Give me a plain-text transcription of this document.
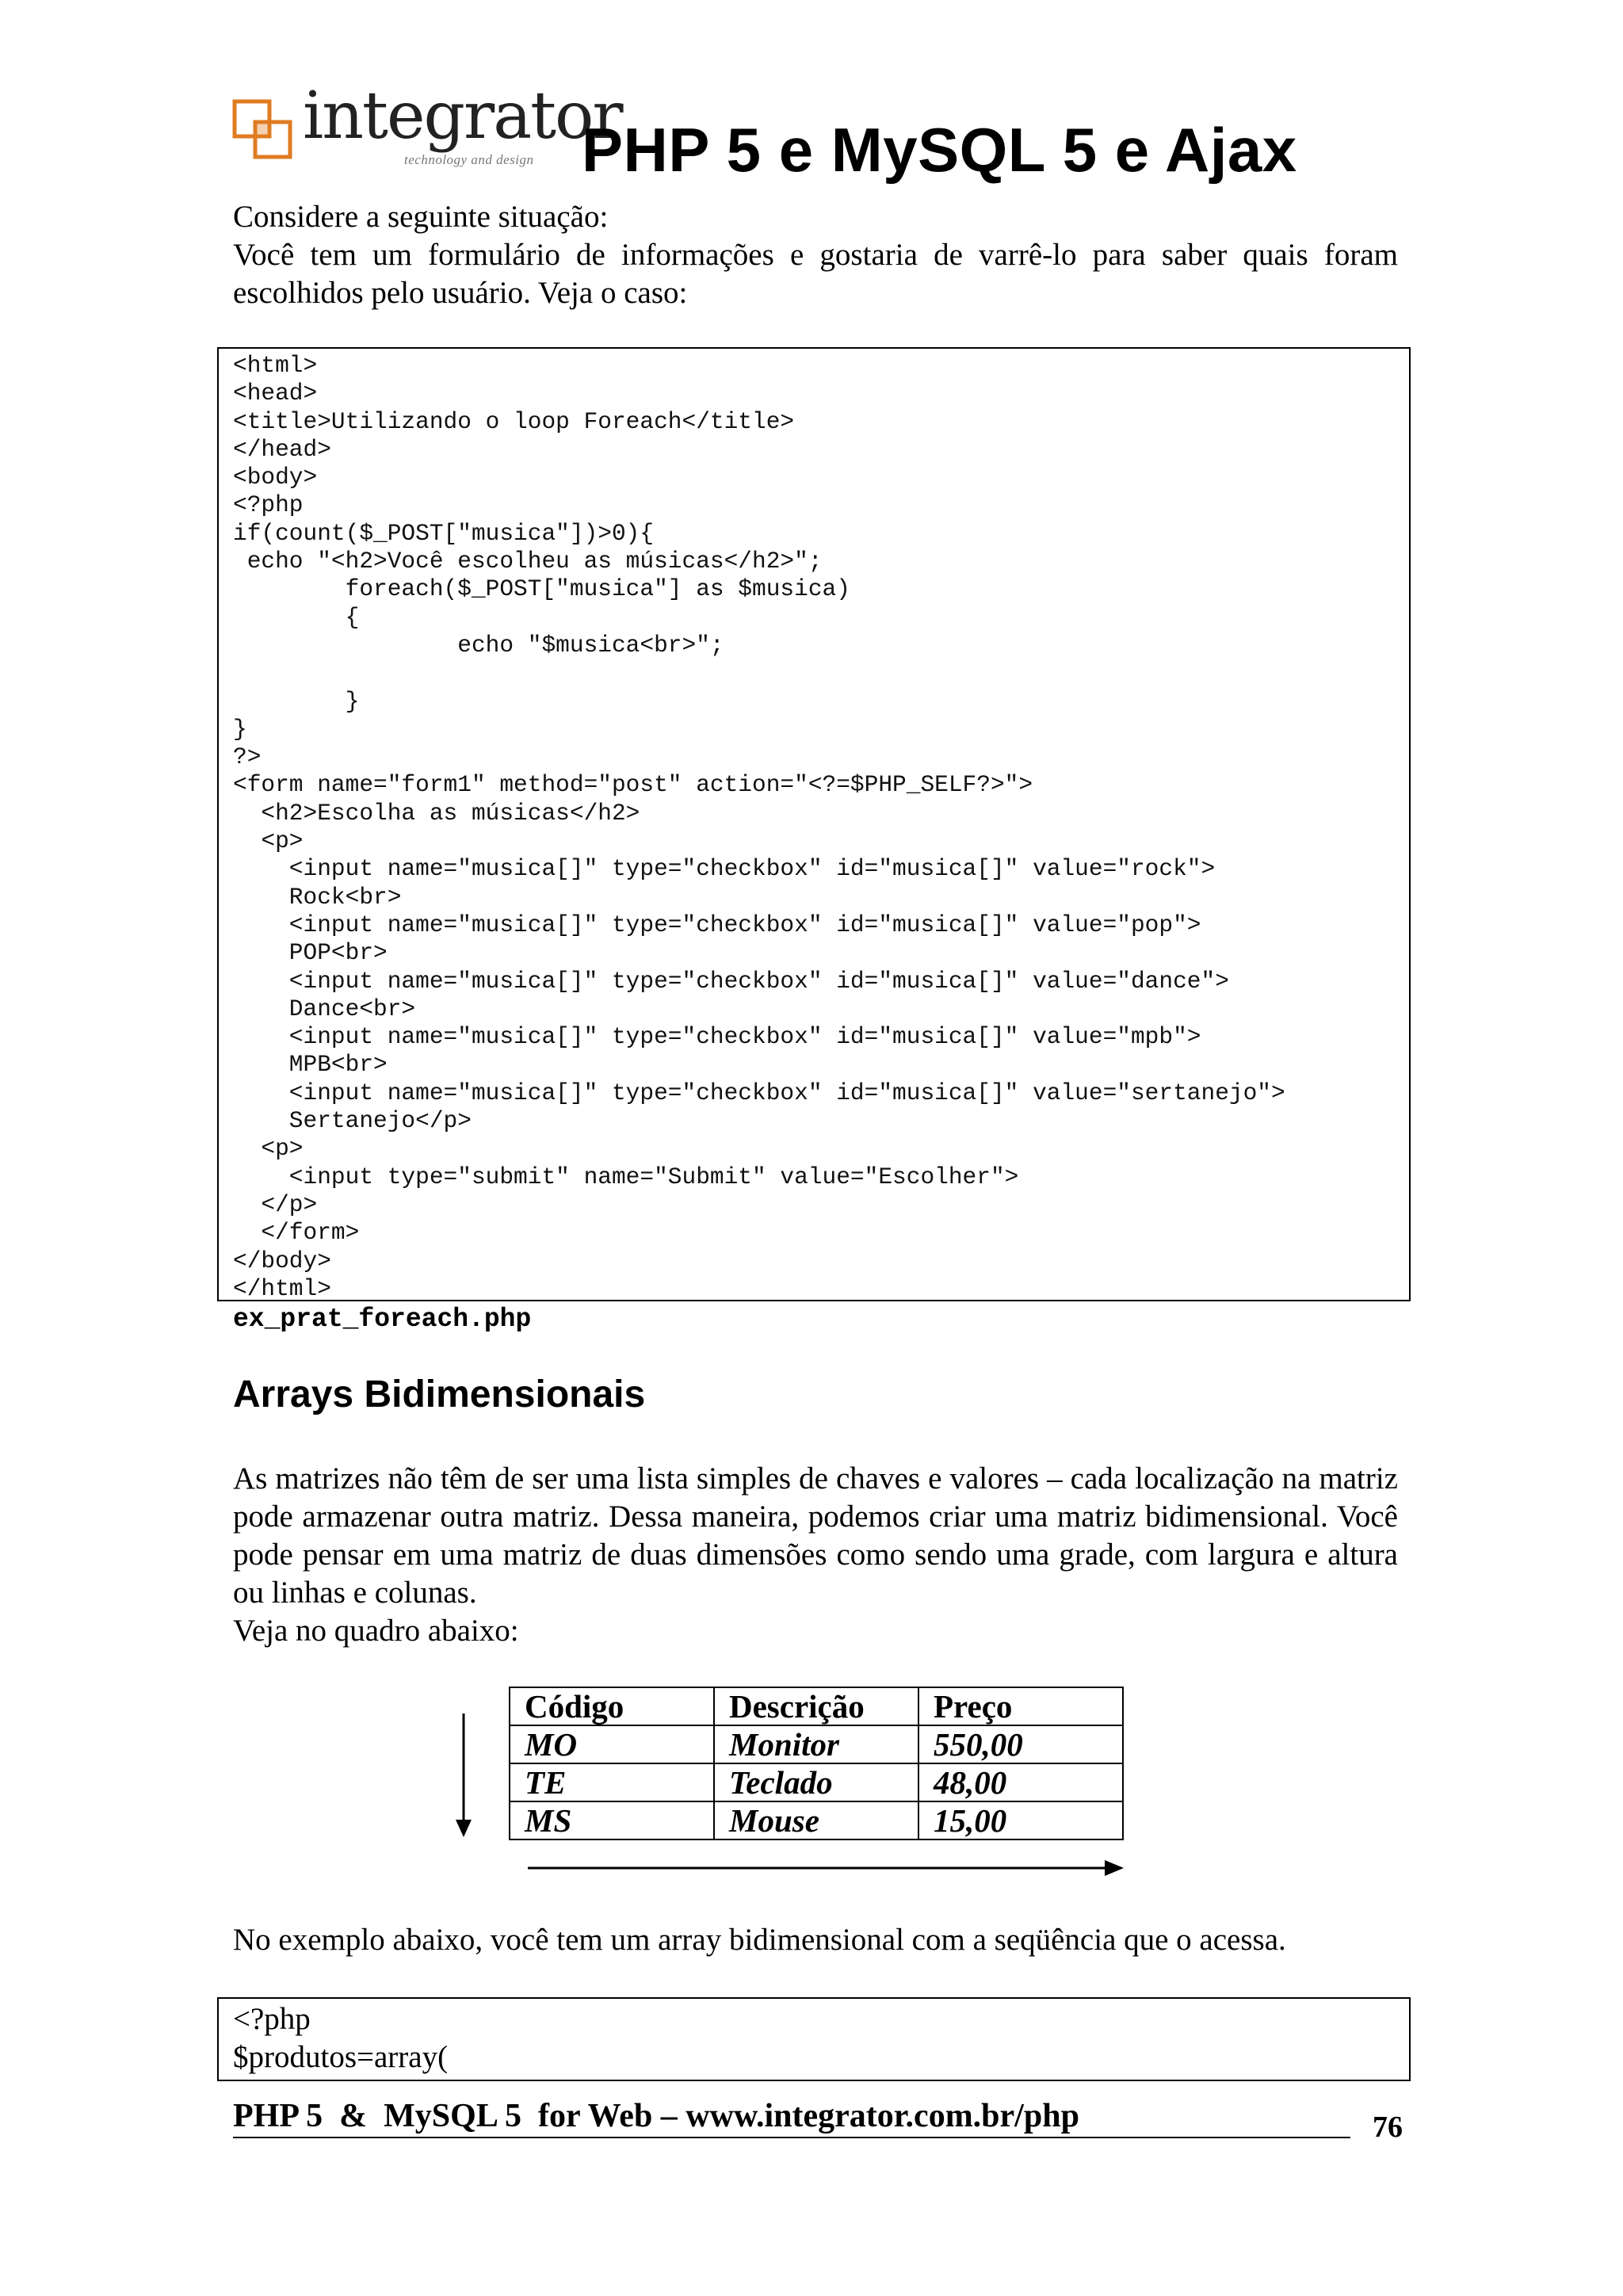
integrator
technology and design PHP 5 e MySQL 5 e Ajax
Considere a seguinte situação:
Você tem um formulário de informações e gostaria de varrê-lo para saber quais foram escolhidos pelo usuário. Veja o caso:
<html>
<head>
<title>Utilizando o loop Foreach</title>
</head>
<body>
<?php
if(count($_POST["musica"])>0){
echo "<h2>Você escolheu as músicas</h2>";
foreach($_POST["musica"] as $musica)
{
echo "$musica<br>";

}
}
?>
<form name="form1" method="post" action="<?=$PHP_SELF?>">
<h2>Escolha as músicas</h2>
<p>
<input name="musica[]" type="checkbox" id="musica[]" value="rock">
Rock<br>
<input name="musica[]" type="checkbox" id="musica[]" value="pop">
POP<br>
<input name="musica[]" type="checkbox" id="musica[]" value="dance">
Dance<br>
<input name="musica[]" type="checkbox" id="musica[]" value="mpb">
MPB<br>
<input name="musica[]" type="checkbox" id="musica[]" value="sertanejo">
Sertanejo</p>
<p>
<input type="submit" name="Submit" value="Escolher">
</p>
</form>
</body>
</html>
ex_prat_foreach.php
Arrays Bidimensionais
As matrizes não têm de ser uma lista simples de chaves e valores – cada localização na matriz pode armazenar outra matriz. Dessa maneira, podemos criar uma matriz bidimensional. Você pode pensar em uma matriz de duas dimensões como sendo uma grade, com largura e altura ou linhas e colunas.
Veja no quadro abaixo:
Código	Descrição	Preço
MO	Monitor	550,00
TE	Teclado	48,00
MS	Mouse	15,00
No exemplo abaixo, você tem um array bidimensional com a seqüência que o acessa.
<?php
$produtos=array(
PHP 5  &  MySQL 5  for Web – www.integrator.com.br/php	76
